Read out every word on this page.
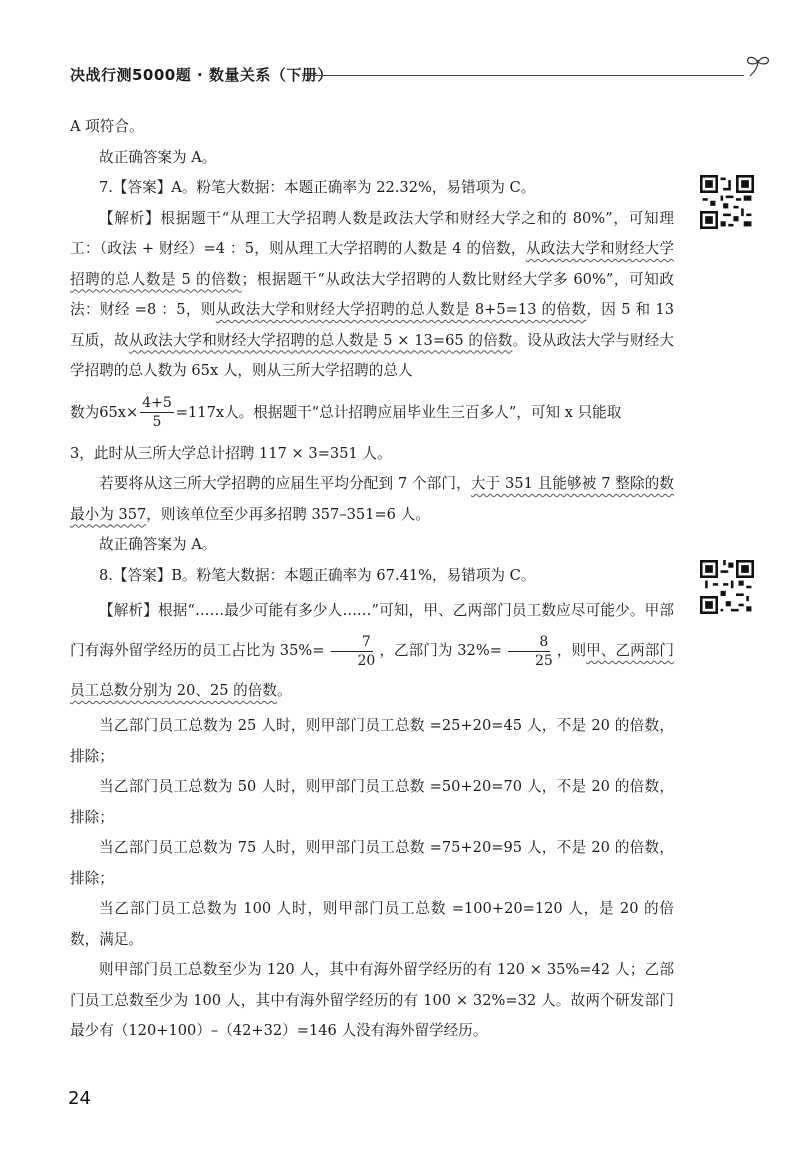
决战行测5000题 · 数量关系（下册）

A 项符合。

故正确答案为 A。

7.【答案】A。粉笔大数据：本题正确率为 22.32%，易错项为 C。

【解析】根据题干“从理工大学招聘人数是政法大学和财经大学之和的 80%”，可知理工：（政法 + 财经）=4 ：5，则从理工大学招聘的人数是 4 的倍数，从政法大学和财经大学招聘的总人数是 5 的倍数；根据题干“从政法大学招聘的人数比财经大学多 60%”，可知政法：财经 =8 ：5，则从政法大学和财经大学招聘的总人数是 8+5=13 的倍数，因 5 和 13 互质，故从政法大学和财经大学招聘的总人数是 5 × 13=65 的倍数。设从政法大学与财经大学招聘的总人数为 65x 人，则从三所大学招聘的总人

数为$65x\times \frac{4+5}{5} =117x$人。根据题干“总计招聘应届毕业生三百多人”，可知 x 只能取

3，此时从三所大学总计招聘 117 × 3=351 人。

若要将从这三所大学招聘的应届生平均分配到 7 个部门，大于 351 且能够被 7 整除的数最小为 357，则该单位至少再多招聘 357–351=6 人。

故正确答案为 A。

8.【答案】B。粉笔大数据：本题正确率为 67.41%，易错项为 C。

【解析】根据“……最少可能有多少人……”可知，甲、乙两部门员工数应尽可能少。甲部门有海外留学经历的员工占比为 $35\%= \frac{7}{20}$ ，乙部门为 $32\%= \frac{8}{25}$ ，则甲、乙两部门员工总数分别为 20、25 的倍数。

当乙部门员工总数为 25 人时，则甲部门员工总数 =25+20=45 人，不是 20 的倍数，排除；

当乙部门员工总数为 50 人时，则甲部门员工总数 =50+20=70 人，不是 20 的倍数，排除；

当乙部门员工总数为 75 人时，则甲部门员工总数 =75+20=95 人，不是 20 的倍数，排除；

当乙部门员工总数为 100 人时，则甲部门员工总数 =100+20=120 人，是 20 的倍数，满足。

则甲部门员工总数至少为 120 人，其中有海外留学经历的有 120 × 35%=42 人；乙部门员工总数至少为 100 人，其中有海外留学经历的有 100 × 32%=32 人。故两个研发部门最少有（120+100）–（42+32）=146 人没有海外留学经历。

24
